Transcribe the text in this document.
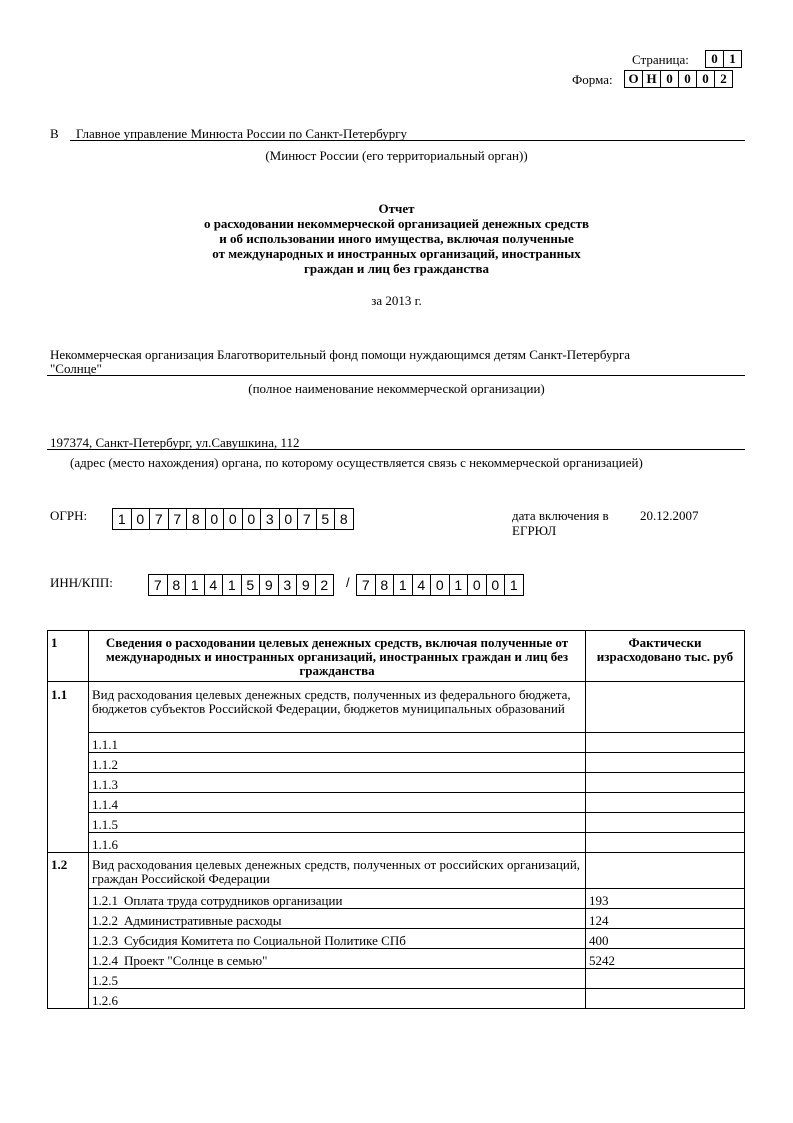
Страница:	0 1
Форма: О Н 0 0 0 2
В Главное управление Минюста России по Санкт-Петербургу
(Минюст России (его территориальный орган))
Отчет
о расходовании некоммерческой организацией денежных средств
и об использовании иного имущества, включая полученные
от международных и иностранных организаций, иностранных
граждан и лиц без гражданства
за 2013 г.
Некоммерческая организация Благотворительный фонд помощи нуждающимся детям Санкт-Петербурга
"Солнце"
(полное наименование некоммерческой организации)
197374, Санкт-Петербург, ул.Савушкина, 112
(адрес (место нахождения) органа, по которому осуществляется связь с некоммерческой организацией)
ОГРН:	1 0 7 7 8 0 0 0 3 0 7 5 8	дата включения в
ЕГРЮЛ
20.12.2007
ИНН/КПП:	7 8 1 4 1 5 9 3 9 2	/ 7 8 1 4 0 1 0 0 1
1	Сведения о расходовании целевых денежных средств, включая полученные от международных и иностранных организаций, иностранных граждан и лиц без гражданства	Фактически израсходовано тыс. руб
1.1	Вид расходования целевых денежных средств, полученных из федерального бюджета, бюджетов субъектов Российской Федерации, бюджетов муниципальных образований	
	1.1.1	
	1.1.2	
	1.1.3	
	1.1.4	
	1.1.5	
	1.1.6	
1.2	Вид расходования целевых денежных средств, полученных от российских организаций, граждан Российской Федерации	
	1.2.1 Оплата труда сотрудников организации	193
	1.2.2 Административные расходы	124
	1.2.3 Субсидия Комитета по Социальной Политике СПб	400
	1.2.4 Проект "Солнце в семью"	5242
	1.2.5	
	1.2.6	
